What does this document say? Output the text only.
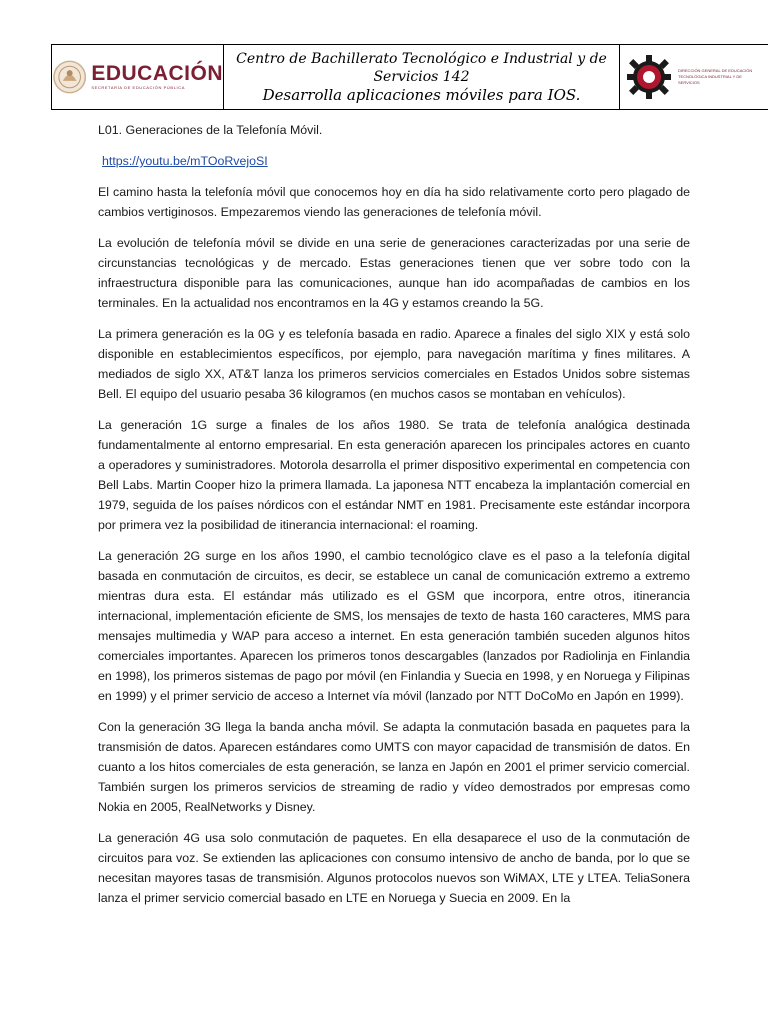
EDUCACIÓN
SECRETARÍA DE EDUCACIÓN PÚBLICA
Centro de Bachillerato Tecnológico e Industrial y de Servicios 142
Desarrolla aplicaciones móviles para IOS.
DIRECCIÓN GENERAL DE EDUCACIÓN TECNOLÓGICA INDUSTRIAL Y DE SERVICIOS

L01. Generaciones de la Telefonía Móvil.

https://youtu.be/mTOoRvejoSI

El camino hasta la telefonía móvil que conocemos hoy en día ha sido relativamente corto pero plagado de cambios vertiginosos. Empezaremos viendo las generaciones de telefonía móvil.

La evolución de telefonía móvil se divide en una serie de generaciones caracterizadas por una serie de circunstancias tecnológicas y de mercado. Estas generaciones tienen que ver sobre todo con la infraestructura disponible para las comunicaciones, aunque han ido acompañadas de cambios en los terminales. En la actualidad nos encontramos en la 4G y estamos creando la 5G.

La primera generación es la 0G y es telefonía basada en radio. Aparece a finales del siglo XIX y está solo disponible en establecimientos específicos, por ejemplo, para navegación marítima y fines militares. A mediados de siglo XX, AT&T lanza los primeros servicios comerciales en Estados Unidos sobre sistemas Bell. El equipo del usuario pesaba 36 kilogramos (en muchos casos se montaban en vehículos).

La generación 1G surge a finales de los años 1980. Se trata de telefonía analógica destinada fundamentalmente al entorno empresarial. En esta generación aparecen los principales actores en cuanto a operadores y suministradores. Motorola desarrolla el primer dispositivo experimental en competencia con Bell Labs. Martin Cooper hizo la primera llamada. La japonesa NTT encabeza la implantación comercial en 1979, seguida de los países nórdicos con el estándar NMT en 1981. Precisamente este estándar incorpora por primera vez la posibilidad de itinerancia internacional: el roaming.

La generación 2G surge en los años 1990, el cambio tecnológico clave es el paso a la telefonía digital basada en conmutación de circuitos, es decir, se establece un canal de comunicación extremo a extremo mientras dura esta. El estándar más utilizado es el GSM que incorpora, entre otros, itinerancia internacional, implementación eficiente de SMS, los mensajes de texto de hasta 160 caracteres, MMS para mensajes multimedia y WAP para acceso a internet. En esta generación también suceden algunos hitos comerciales importantes. Aparecen los primeros tonos descargables (lanzados por Radiolinja en Finlandia en 1998), los primeros sistemas de pago por móvil (en Finlandia y Suecia en 1998, y en Noruega y Filipinas en 1999) y el primer servicio de acceso a Internet vía móvil (lanzado por NTT DoCoMo en Japón en 1999).

Con la generación 3G llega la banda ancha móvil. Se adapta la conmutación basada en paquetes para la transmisión de datos. Aparecen estándares como UMTS con mayor capacidad de transmisión de datos. En cuanto a los hitos comerciales de esta generación, se lanza en Japón en 2001 el primer servicio comercial. También surgen los primeros servicios de streaming de radio y vídeo demostrados por empresas como Nokia en 2005, RealNetworks y Disney.

La generación 4G usa solo conmutación de paquetes. En ella desaparece el uso de la conmutación de circuitos para voz. Se extienden las aplicaciones con consumo intensivo de ancho de banda, por lo que se necesitan mayores tasas de transmisión. Algunos protocolos nuevos son WiMAX, LTE y LTEA. TeliaSonera lanza el primer servicio comercial basado en LTE en Noruega y Suecia en 2009. En la
